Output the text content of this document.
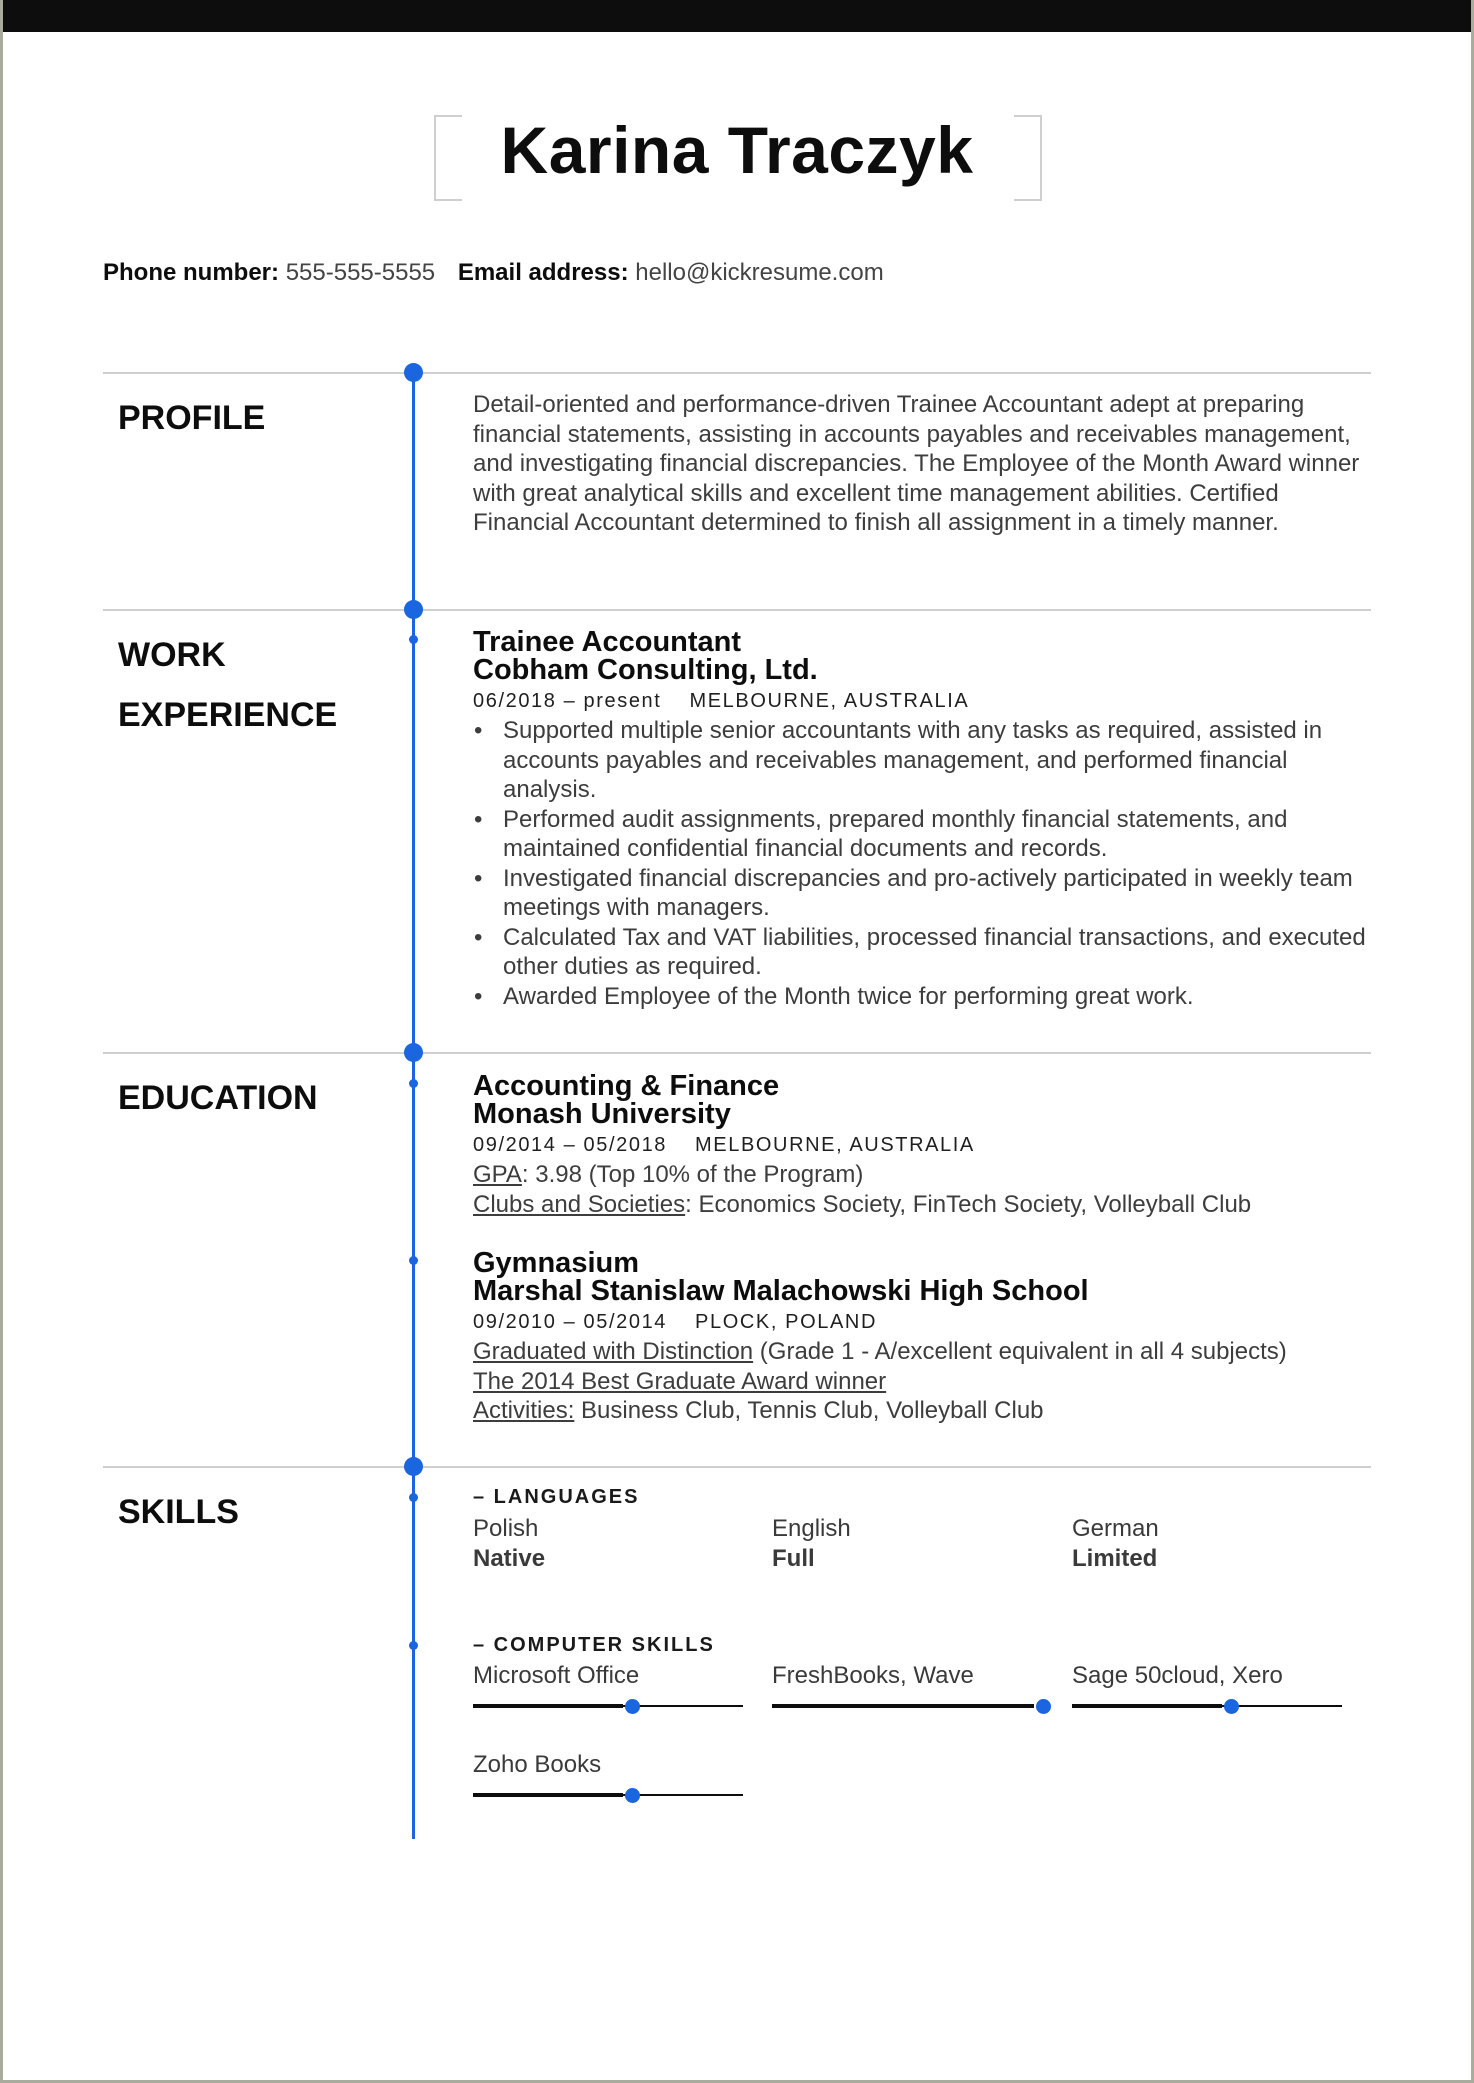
Karina Traczyk
Phone number: 555-555-5555 Email address: hello@kickresume.com
PROFILE
WORK
EXPERIENCE
EDUCATION
SKILLS
Detail-oriented and performance-driven Trainee Accountant adept at preparing financial statements, assisting in accounts payables and receivables management, and investigating financial discrepancies. The Employee of the Month Award winner with great analytical skills and excellent time management abilities. Certified Financial Accountant determined to finish all assignment in a timely manner.
Trainee Accountant
Cobham Consulting, Ltd.
06/2018 – present MELBOURNE, AUSTRALIA
• Supported multiple senior accountants with any tasks as required, assisted in accounts payables and receivables management, and performed financial analysis.
• Performed audit assignments, prepared monthly financial statements, and maintained confidential financial documents and records.
• Investigated financial discrepancies and pro-actively participated in weekly team meetings with managers.
• Calculated Tax and VAT liabilities, processed financial transactions, and executed other duties as required.
• Awarded Employee of the Month twice for performing great work.
Accounting & Finance
Monash University
09/2014 – 05/2018 MELBOURNE, AUSTRALIA
GPA: 3.98 (Top 10% of the Program)
Clubs and Societies: Economics Society, FinTech Society, Volleyball Club
Gymnasium
Marshal Stanislaw Malachowski High School
09/2010 – 05/2014 PLOCK, POLAND
Graduated with Distinction (Grade 1 - A/excellent equivalent in all 4 subjects)
The 2014 Best Graduate Award winner
Activities: Business Club, Tennis Club, Volleyball Club
– LANGUAGES
Polish
Native
English
Full
German
Limited
– COMPUTER SKILLS
Microsoft Office	FreshBooks, Wave	Sage 50cloud, Xero
Zoho Books
